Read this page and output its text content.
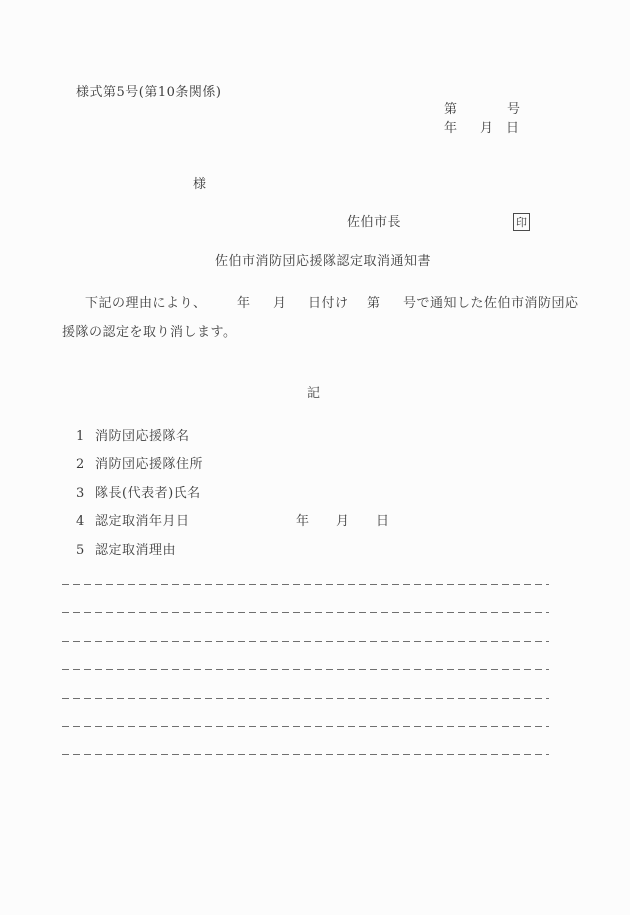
様式第5号(第10条関係)
第	号
年 月 日
様
佐伯市長	印
佐伯市消防団応援隊認定取消通知書
下記の理由により、 年 月 日付け 第 号で通知した佐伯市消防団応
援隊の認定を取り消します。
記
1 消防団応援隊名
2 消防団応援隊住所
3 隊長(代表者)氏名
4 認定取消年月日	年 月 日
5 認定取消理由
